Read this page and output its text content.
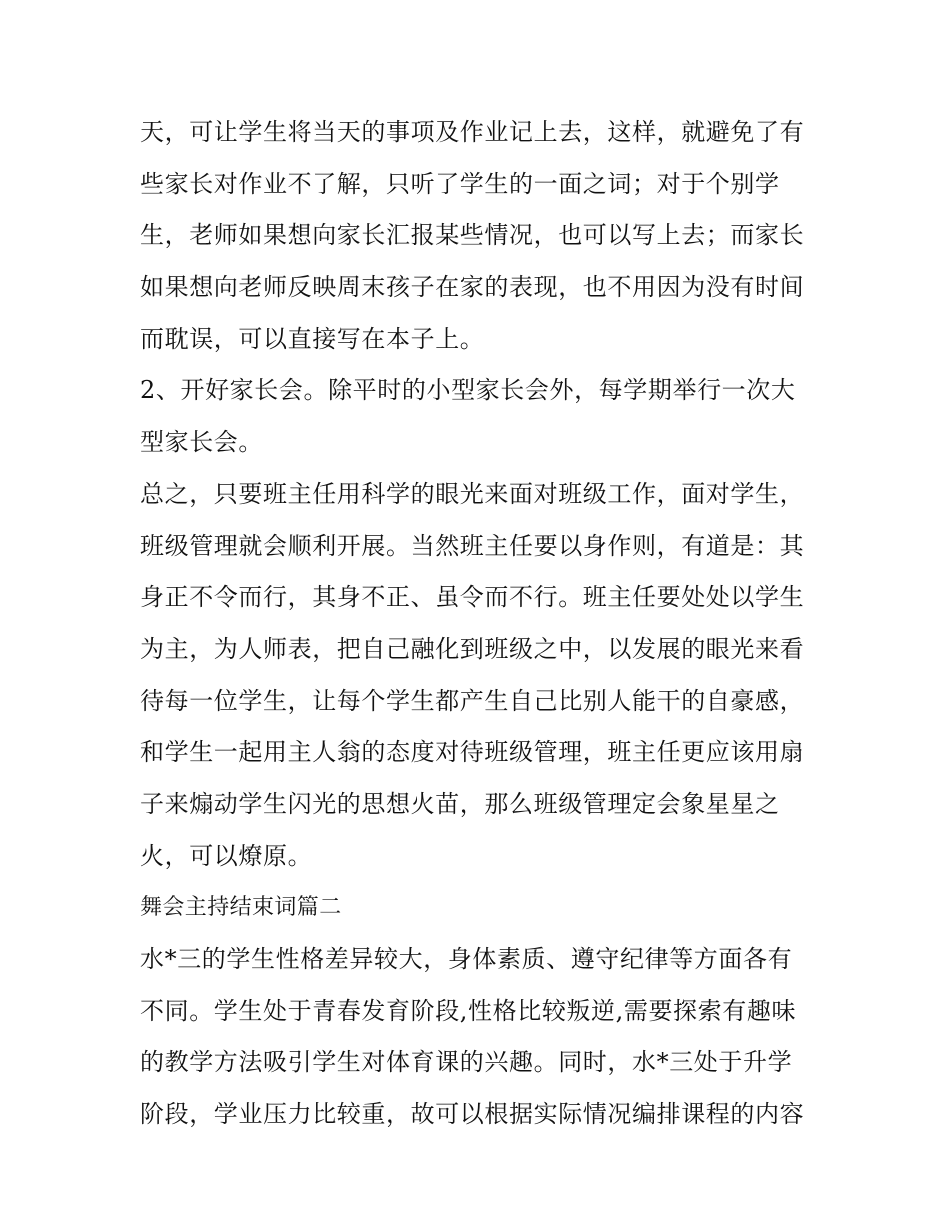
天，可让学生将当天的事项及作业记上去，这样，就避免了有
些家长对作业不了解，只听了学生的一面之词；对于个别学
生，老师如果想向家长汇报某些情况，也可以写上去；而家长
如果想向老师反映周末孩子在家的表现，也不用因为没有时间
而耽误，可以直接写在本子上。
2、开好家长会。除平时的小型家长会外，每学期举行一次大
型家长会。
总之，只要班主任用科学的眼光来面对班级工作，面对学生，
班级管理就会顺利开展。当然班主任要以身作则，有道是：其
身正不令而行，其身不正、虽令而不行。班主任要处处以学生
为主，为人师表，把自己融化到班级之中，以发展的眼光来看
待每一位学生，让每个学生都产生自己比别人能干的自豪感，
和学生一起用主人翁的态度对待班级管理，班主任更应该用扇
子来煽动学生闪光的思想火苗，那么班级管理定会象星星之
火，可以燎原。
舞会主持结束词篇二
水*三的学生性格差异较大，身体素质、遵守纪律等方面各有
不同。学生处于青春发育阶段,性格比较叛逆,需要探索有趣味
的教学方法吸引学生对体育课的兴趣。同时，水*三处于升学
阶段，学业压力比较重，故可以根据实际情况编排课程的内容
